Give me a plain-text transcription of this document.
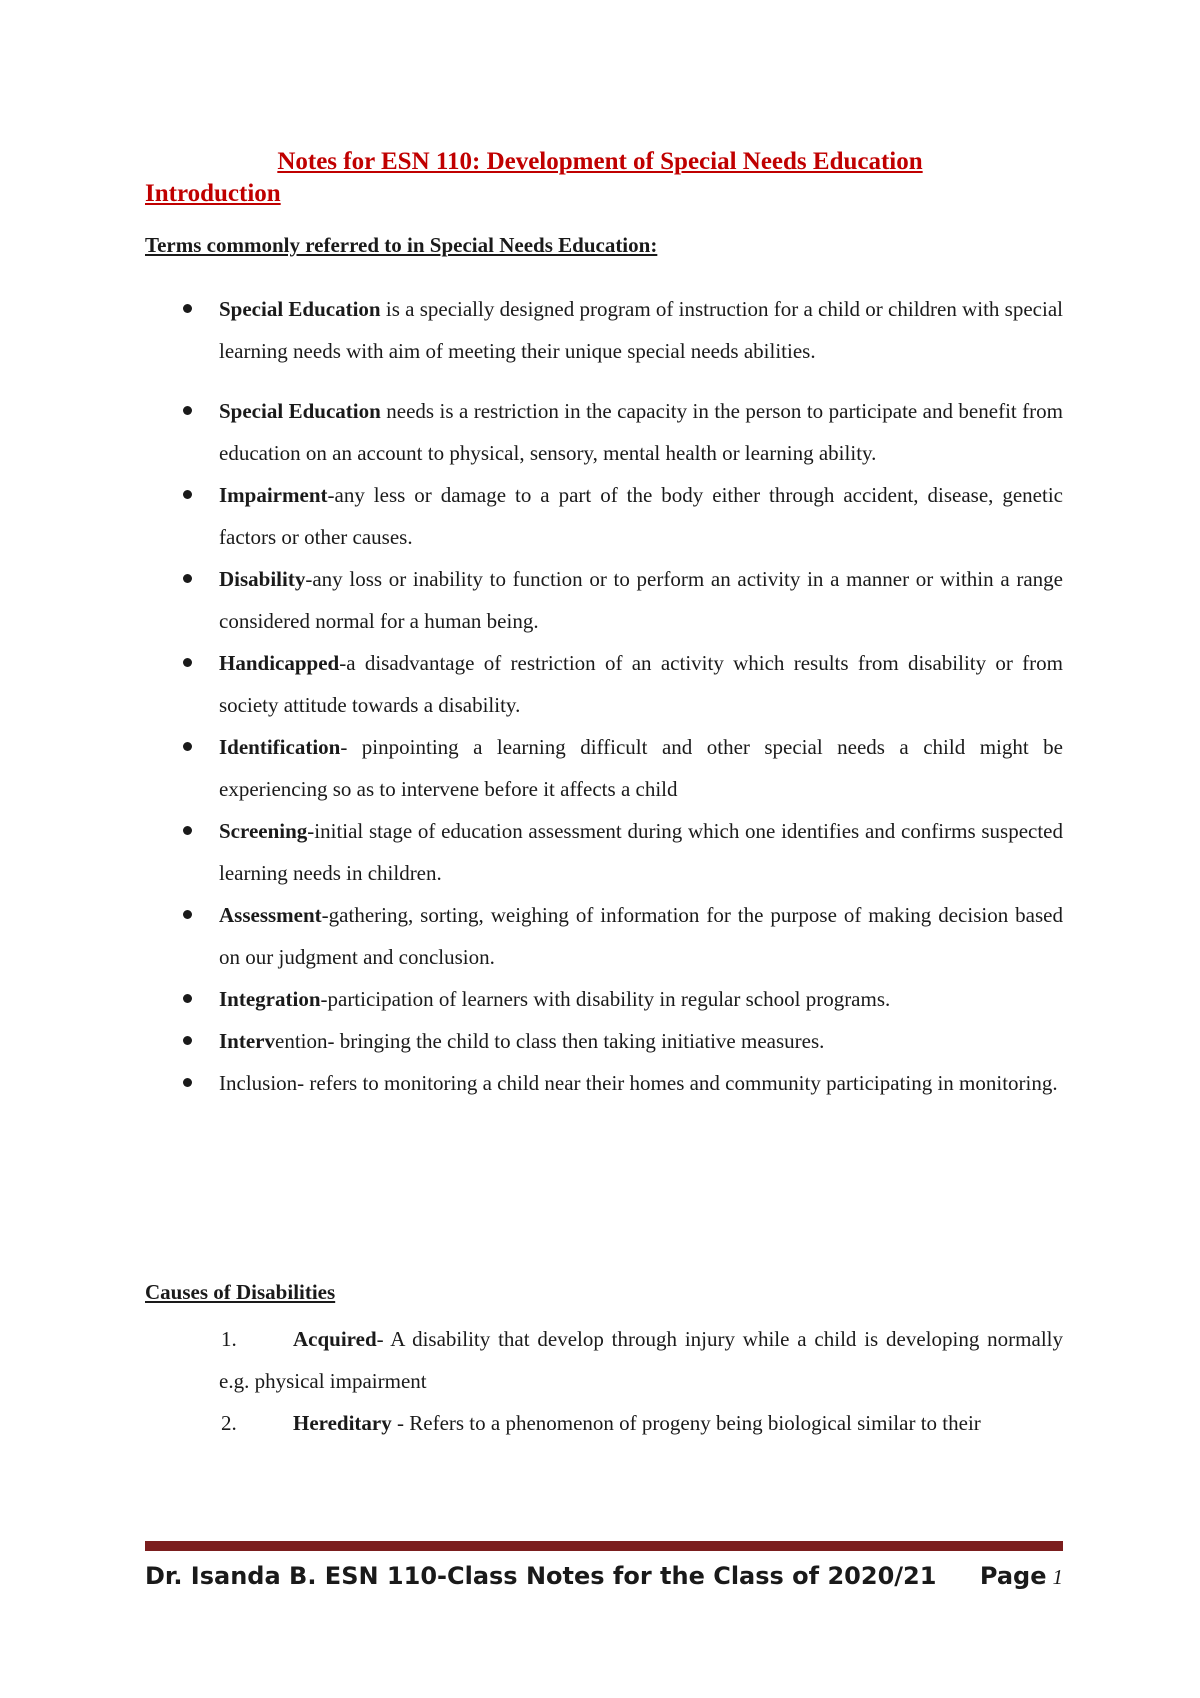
Notes for ESN 110: Development of Special Needs Education
Introduction
Terms commonly referred to in Special Needs Education:
Special Education is a specially designed program of instruction for a child or children with special learning needs with aim of meeting their unique special needs abilities.
Special Education needs is a restriction in the capacity in the person to participate and benefit from education on an account to physical, sensory, mental health or learning ability.
Impairment-any less or damage to a part of the body either through accident, disease, genetic factors or other causes.
Disability-any loss or inability to function or to perform an activity in a manner or within a range considered normal for a human being.
Handicapped-a disadvantage of restriction of an activity which results from disability or from society attitude towards a disability.
Identification- pinpointing a learning difficult and other special needs a child might be experiencing so as to intervene before it affects a child
Screening-initial stage of education assessment during which one identifies and confirms suspected learning needs in children.
Assessment-gathering, sorting, weighing of information for the purpose of making decision based on our judgment and conclusion.
Integration-participation of learners with disability in regular school programs.
Intervention- bringing the child to class then taking initiative measures.
Inclusion- refers to monitoring a child near their homes and community participating in monitoring.
Causes of Disabilities
1.	Acquired- A disability that develop through injury while a child is developing normally e.g. physical impairment
2.	Hereditary - Refers to a phenomenon of progeny being biological similar to their
Dr. Isanda B. ESN 110-Class Notes for the Class of 2020/21 Page 1
